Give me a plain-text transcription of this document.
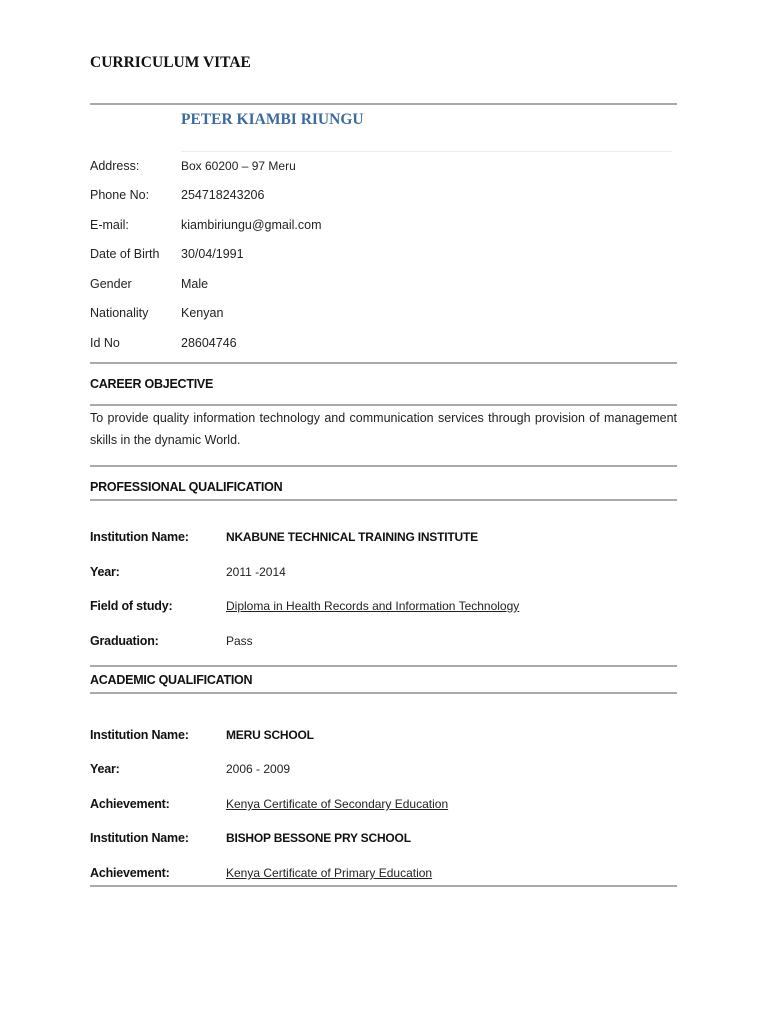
CURRICULUM VITAE
PETER KIAMBI RIUNGU
Address:	Box 60200 – 97 Meru
Phone No:	254718243206
E-mail:	kiambiriungu@gmail.com
Date of Birth 30/04/1991
Gender	Male
Nationality	Kenyan
Id No	28604746
CAREER OBJECTIVE
To provide quality information technology and communication services through provision of management skills in the dynamic World.
PROFESSIONAL QUALIFICATION
Institution Name:	NKABUNE TECHNICAL TRAINING INSTITUTE
Year:	2011 -2014
Field of study:	Diploma in Health Records and Information Technology
Graduation:	Pass
ACADEMIC QUALIFICATION
Institution Name:	MERU SCHOOL
Year:	2006 - 2009
Achievement:	Kenya Certificate of Secondary Education
Institution Name:	BISHOP BESSONE PRY SCHOOL
Achievement:	Kenya Certificate of Primary Education
